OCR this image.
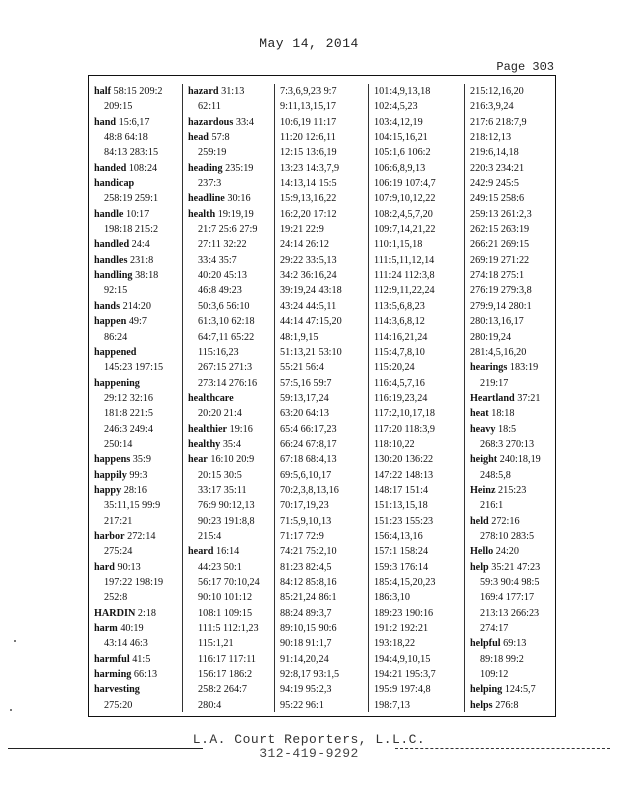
May 14, 2014
Page 303
half 58:15 209:2
209:15
hand 15:6,17
48:8 64:18
84:13 283:15
handed 108:24
handicap
258:19 259:1
handle 10:17
198:18 215:2
handled 24:4
handles 231:8
handling 38:18
92:15
hands 214:20
happen 49:7
86:24
happened
145:23 197:15
happening
29:12 32:16
181:8 221:5
246:3 249:4
250:14
happens 35:9
happily 99:3
happy 28:16
35:11,15 99:9
217:21
harbor 272:14
275:24
hard 90:13
197:22 198:19
252:8
HARDIN 2:18
harm 40:19
43:14 46:3
harmful 41:5
harming 66:13
harvesting
275:20
hazard 31:13
62:11
hazardous 33:4
head 57:8
259:19
heading 235:19
237:3
headline 30:16
health 19:19,19
21:7 25:6 27:9
27:11 32:22
33:4 35:7
40:20 45:13
46:8 49:23
50:3,6 56:10
61:3,10 62:18
64:7,11 65:22
115:16,23
267:15 271:3
273:14 276:16
healthcare
20:20 21:4
healthier 19:16
healthy 35:4
hear 16:10 20:9
20:15 30:5
33:17 35:11
76:9 90:12,13
90:23 191:8,8
215:4
heard 16:14
44:23 50:1
56:17 70:10,24
90:10 101:12
108:1 109:15
111:5 112:1,23
115:1,21
116:17 117:11
156:17 186:2
258:2 264:7
280:4
7:3,6,9,23 9:7
9:11,13,15,17
10:6,19 11:17
11:20 12:6,11
12:15 13:6,19
13:23 14:3,7,9
14:13,14 15:5
15:9,13,16,22
16:2,20 17:12
19:21 22:9
24:14 26:12
29:22 33:5,13
34:2 36:16,24
39:19,24 43:18
43:24 44:5,11
44:14 47:15,20
48:1,9,15
51:13,21 53:10
55:21 56:4
57:5,16 59:7
59:13,17,24
63:20 64:13
65:4 66:17,23
66:24 67:8,17
67:18 68:4,13
69:5,6,10,17
70:2,3,8,13,16
70:17,19,23
71:5,9,10,13
71:17 72:9
74:21 75:2,10
81:23 82:4,5
84:12 85:8,16
85:21,24 86:1
88:24 89:3,7
89:10,15 90:6
90:18 91:1,7
91:14,20,24
92:8,17 93:1,5
94:19 95:2,3
95:22 96:1
101:4,9,13,18
102:4,5,23
103:4,12,19
104:15,16,21
105:1,6 106:2
106:6,8,9,13
106:19 107:4,7
107:9,10,12,22
108:2,4,5,7,20
109:7,14,21,22
110:1,15,18
111:5,11,12,14
111:24 112:3,8
112:9,11,22,24
113:5,6,8,23
114:3,6,8,12
114:16,21,24
115:4,7,8,10
115:20,24
116:4,5,7,16
116:19,23,24
117:2,10,17,18
117:20 118:3,9
118:10,22
130:20 136:22
147:22 148:13
148:17 151:4
151:13,15,18
151:23 155:23
156:4,13,16
157:1 158:24
159:3 176:14
185:4,15,20,23
186:3,10
189:23 190:16
191:2 192:21
193:18,22
194:4,9,10,15
194:21 195:3,7
195:9 197:4,8
198:7,13
215:12,16,20
216:3,9,24
217:6 218:7,9
218:12,13
219:6,14,18
220:3 234:21
242:9 245:5
249:15 258:6
259:13 261:2,3
262:15 263:19
266:21 269:15
269:19 271:22
274:18 275:1
276:19 279:3,8
279:9,14 280:1
280:13,16,17
280:19,24
281:4,5,16,20
hearings 183:19
219:17
Heartland 37:21
heat 18:18
heavy 18:5
268:3 270:13
height 240:18,19
248:5,8
Heinz 215:23
216:1
held 272:16
278:10 283:5
Hello 24:20
help 35:21 47:23
59:3 90:4 98:5
169:4 177:17
213:13 266:23
274:17
helpful 69:13
89:18 99:2
109:12
helping 124:5,7
helps 276:8
L.A. Court Reporters, L.L.C.
312-419-9292
